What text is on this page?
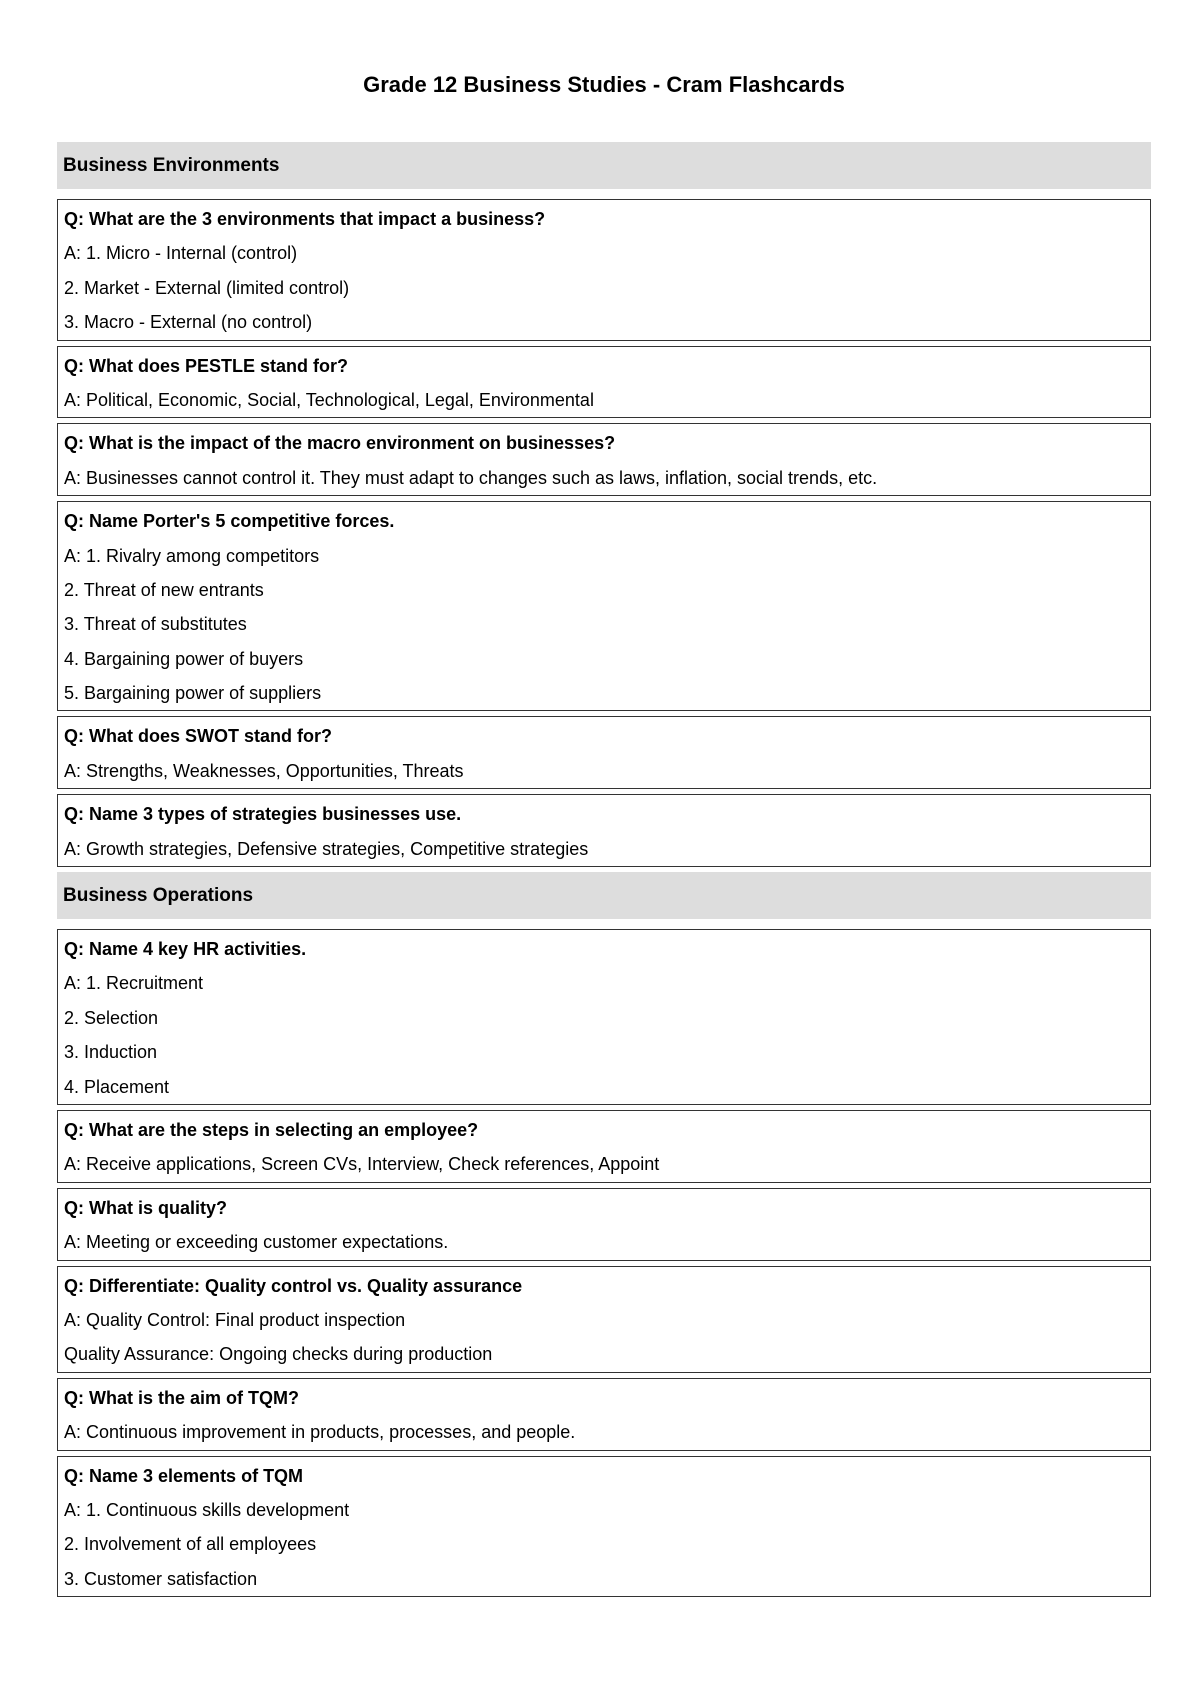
Grade 12 Business Studies - Cram Flashcards
Business Environments
Q: What are the 3 environments that impact a business?
A: 1. Micro - Internal (control)
2. Market - External (limited control)
3. Macro - External (no control)
Q: What does PESTLE stand for?
A: Political, Economic, Social, Technological, Legal, Environmental
Q: What is the impact of the macro environment on businesses?
A: Businesses cannot control it. They must adapt to changes such as laws, inflation, social trends, etc.
Q: Name Porter's 5 competitive forces.
A: 1. Rivalry among competitors
2. Threat of new entrants
3. Threat of substitutes
4. Bargaining power of buyers
5. Bargaining power of suppliers
Q: What does SWOT stand for?
A: Strengths, Weaknesses, Opportunities, Threats
Q: Name 3 types of strategies businesses use.
A: Growth strategies, Defensive strategies, Competitive strategies
Business Operations
Q: Name 4 key HR activities.
A: 1. Recruitment
2. Selection
3. Induction
4. Placement
Q: What are the steps in selecting an employee?
A: Receive applications, Screen CVs, Interview, Check references, Appoint
Q: What is quality?
A: Meeting or exceeding customer expectations.
Q: Differentiate: Quality control vs. Quality assurance
A: Quality Control: Final product inspection
Quality Assurance: Ongoing checks during production
Q: What is the aim of TQM?
A: Continuous improvement in products, processes, and people.
Q: Name 3 elements of TQM
A: 1. Continuous skills development
2. Involvement of all employees
3. Customer satisfaction
